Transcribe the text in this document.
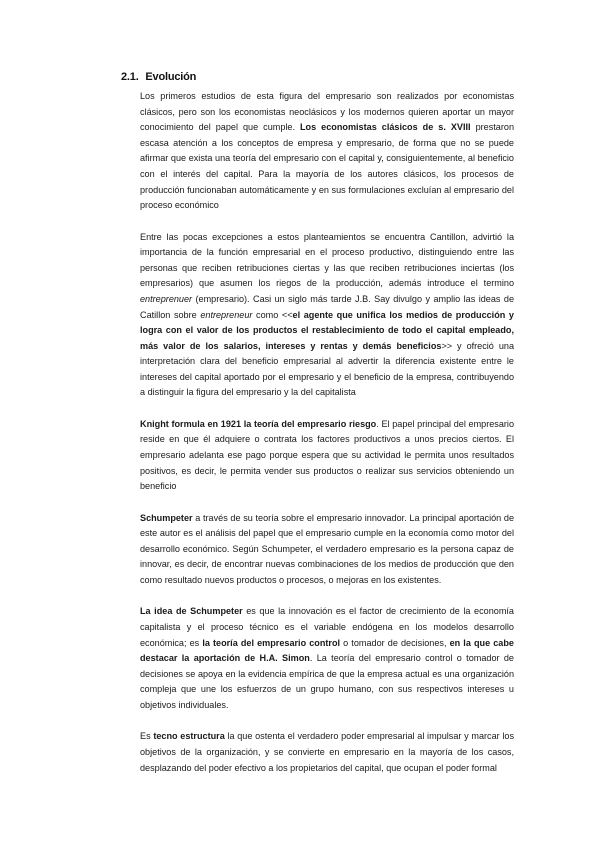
2.1. Evolución

Los primeros estudios de esta figura del empresario son realizados por economistas clásicos, pero son los economistas neoclásicos y los modernos quieren aportar un mayor conocimiento del papel que cumple. Los economistas clásicos de s. XVIII prestaron escasa atención a los conceptos de empresa y empresario, de forma que no se puede afirmar que exista una teoría del empresario con el capital y, consiguientemente, al beneficio con el interés del capital. Para la mayoría de los autores clásicos, los procesos de producción funcionaban automáticamente y en sus formulaciones excluían al empresario del proceso económico

Entre las pocas excepciones a estos planteamientos se encuentra Cantillon, advirtió la importancia de la función empresarial en el proceso productivo, distinguiendo entre las personas que reciben retribuciones ciertas y las que reciben retribuciones inciertas (los empresarios) que asumen los riegos de la producción, además introduce el termino entreprenuer (empresario). Casi un siglo más tarde J.B. Say divulgo y amplio las ideas de Catillon sobre entrepreneur como <<el agente que unifica los medios de producción y logra con el valor de los productos el restablecimiento de todo el capital empleado, más valor de los salarios, intereses y rentas y demás beneficios>> y ofreció una interpretación clara del beneficio empresarial al advertir la diferencia existente entre le intereses del capital aportado por el empresario y el beneficio de la empresa, contribuyendo a distinguir la figura del empresario y la del capitalista

Knight formula en 1921 la teoría del empresario riesgo. El papel principal del empresario reside en que él adquiere o contrata los factores productivos a unos precios ciertos. El empresario adelanta ese pago porque espera que su actividad le permita unos resultados positivos, es decir, le permita vender sus productos o realizar sus servicios obteniendo un beneficio

Schumpeter a través de su teoría sobre el empresario innovador. La principal aportación de este autor es el análisis del papel que el empresario cumple en la economía como motor del desarrollo económico. Según Schumpeter, el verdadero empresario es la persona capaz de innovar, es decir, de encontrar nuevas combinaciones de los medios de producción que den como resultado nuevos productos o procesos, o mejoras en los existentes.

La idea de Schumpeter es que la innovación es el factor de crecimiento de la economía capitalista y el proceso técnico es el variable endógena en los modelos desarrollo económica; es la teoría del empresario control o tomador de decisiones, en la que cabe destacar la aportación de H.A. Simon. La teoría del empresario control o tomador de decisiones se apoya en la evidencia empírica de que la empresa actual es una organización compleja que une los esfuerzos de un grupo humano, con sus respectivos intereses u objetivos individuales.

Es tecno estructura la que ostenta el verdadero poder empresarial al impulsar y marcar los objetivos de la organización, y se convierte en empresario en la mayoría de los casos, desplazando del poder efectivo a los propietarios del capital, que ocupan el poder formal
